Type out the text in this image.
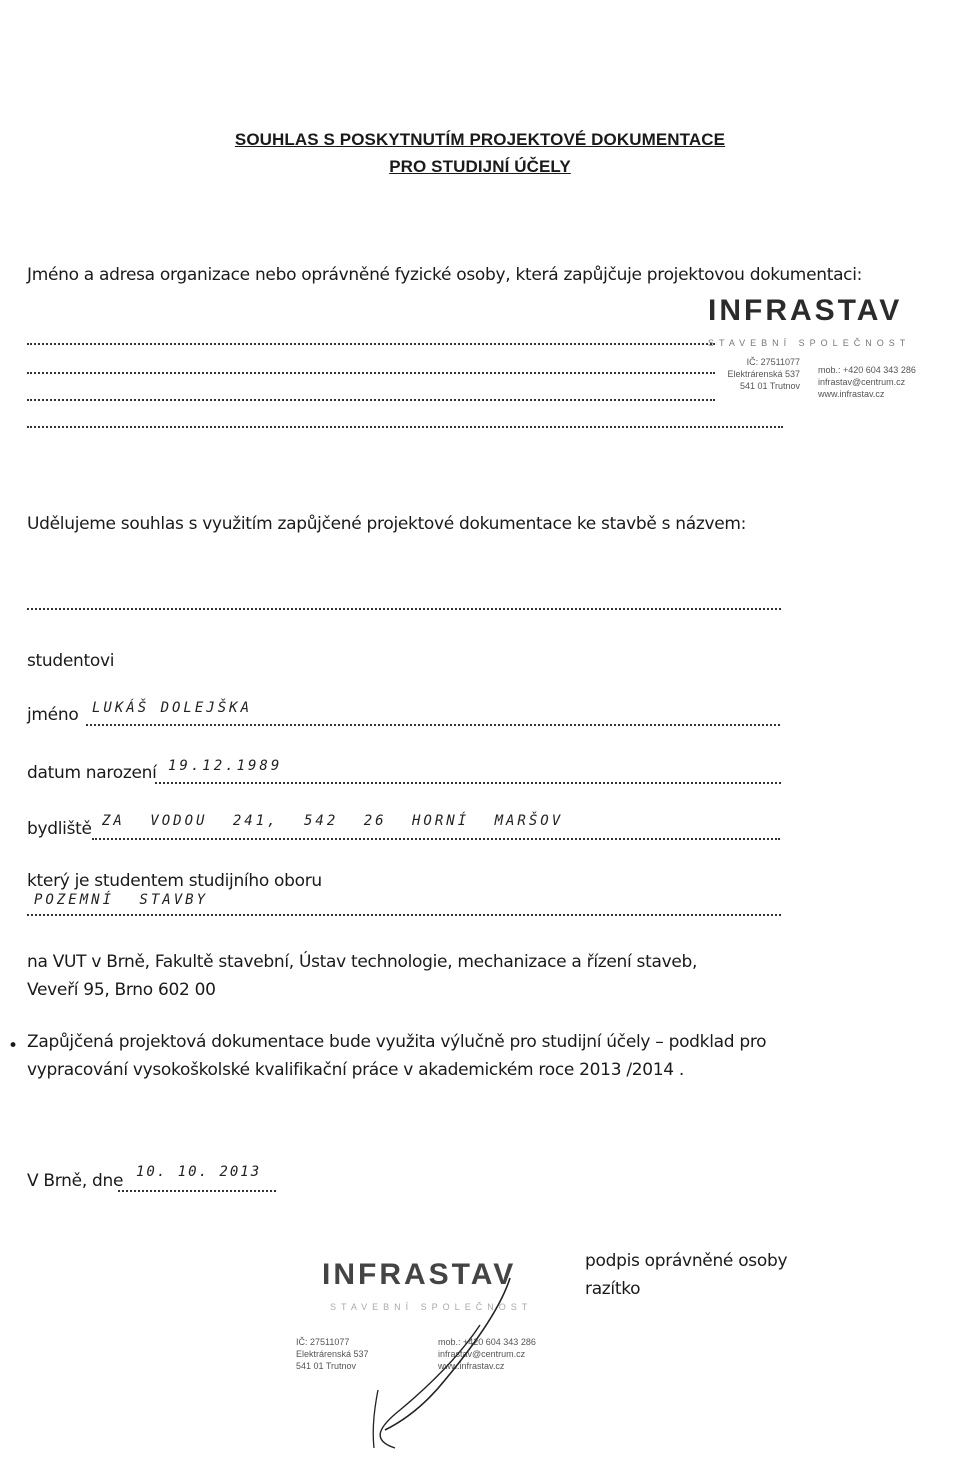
SOUHLAS S POSKYTNUTÍM PROJEKTOVÉ DOKUMENTACE
PRO STUDIJNÍ ÚČELY
Jméno a adresa organizace nebo oprávněné fyzické osoby, která zapůjčuje projektovou dokumentaci:
INFRASTAV
STAVEBNÍ SPOLEČNOST
IČ: 27511077
Elektrárenská 537
541 01 Trutnov
mob.: +420 604 343 286
infrastav@centrum.cz
www.infrastav.cz
Udělujeme souhlas s využitím zapůjčené projektové dokumentace ke stavbě s názvem:
studentovi
jméno LUKÁŠ DOLEJŠKA
datum narození 19.12.1989
bydliště ZA VODOU 241, 542 26 HORNÍ MARŠOV
který je studentem studijního oboru
POZEMNÍ STAVBY
na VUT v Brně, Fakultě stavební, Ústav technologie, mechanizace a řízení staveb,
Veveří 95, Brno 602 00
• Zapůjčená projektová dokumentace bude využita výlučně pro studijní účely – podklad pro
vypracování vysokoškolské kvalifikační práce v akademickém roce 2013 /2014 .
V Brně, dne 10. 10. 2013
podpis oprávněné osoby
razítko
INFRASTAV
STAVEBNÍ SPOLEČNOST
IČ: 27511077
Elektrárenská 537
541 01 Trutnov
mob.: +420 604 343 286
infrastav@centrum.cz
www.infrastav.cz
